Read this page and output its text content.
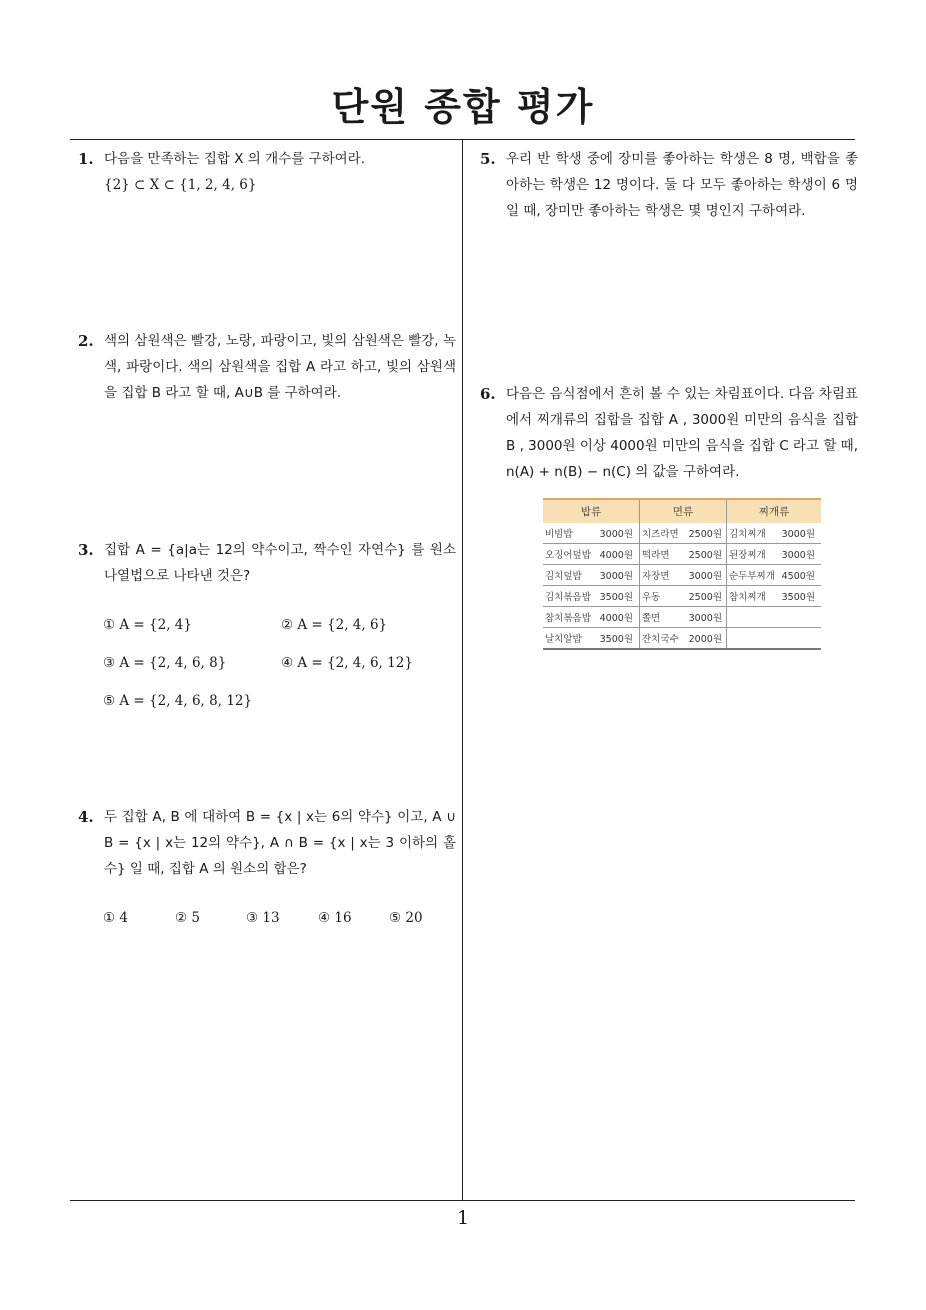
단원 종합 평가
1. 다음을 만족하는 집합 X 의 개수를 구하여라.
{2} ⊂ X ⊂ {1, 2, 4, 6}
2. 색의 삼원색은 빨강, 노랑, 파랑이고, 빛의 삼원색은 빨강, 녹색, 파랑이다. 색의 삼원색을 집합 A 라고 하고, 빛의 삼원색을 집합 B 라고 할 때, A∪B 를 구하여라.
3. 집합 A = {a|a는 12의 약수이고, 짝수인 자연수} 를 원소나열법으로 나타낸 것은?
① A = {2, 4}	② A = {2, 4, 6}
③ A = {2, 4, 6, 8}	④ A = {2, 4, 6, 12}
⑤ A = {2, 4, 6, 8, 12}
4. 두 집합 A, B 에 대하여 B = {x | x는 6의 약수} 이고, A ∪ B = {x | x는 12의 약수}, A ∩ B = {x | x는 3 이하의 홀수} 일 때, 집합 A 의 원소의 합은?
① 4	② 5	③ 13	④ 16	⑤ 20
5. 우리 반 학생 중에 장미를 좋아하는 학생은 8 명, 백합을 좋아하는 학생은 12 명이다. 둘 다 모두 좋아하는 학생이 6 명일 때, 장미만 좋아하는 학생은 몇 명인지 구하여라.
6. 다음은 음식점에서 흔히 볼 수 있는 차림표이다. 다음 차림표에서 찌개류의 집합을 집합 A , 3000원 미만의 음식을 집합 B , 3000원 이상 4000원 미만의 음식을 집합 C 라고 할 때, n(A) + n(B) − n(C) 의 값을 구하여라.
밥류	면류	찌개류

비빔밥 3000원	치즈라면 2500원	김치찌개 3000원

오징어덮밥 4000원	떡라면 2500원	된장찌개 3000원

김치덮밥 3000원	자장면 3000원	순두부찌개 4500원

김치볶음밥 3500원	우동 2500원	참치찌개 3500원

참치볶음밥 4000원	쫄면 3000원	

날치알밥 3500원	잔치국수 2000원	

1
